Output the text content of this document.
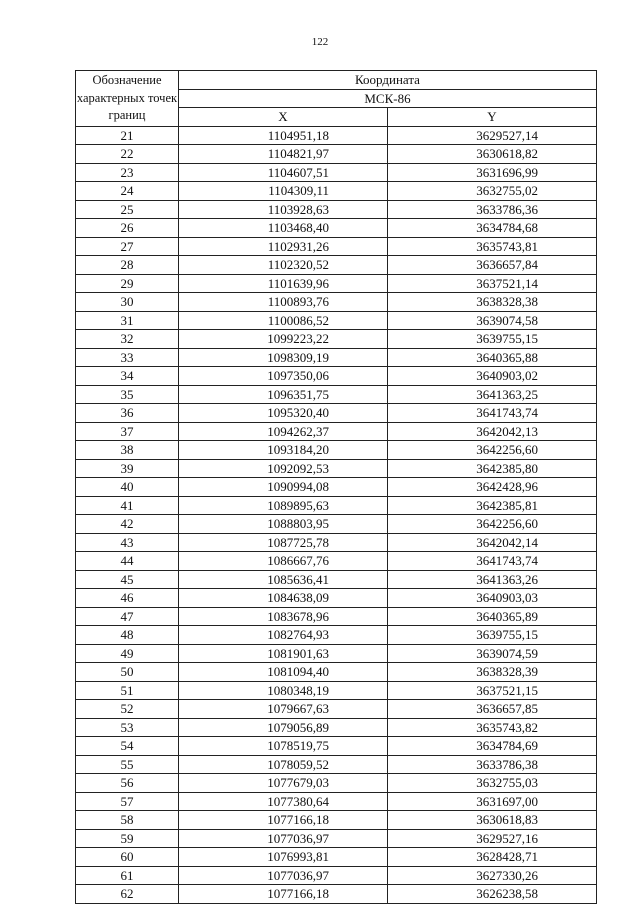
122
Обозначение характерных точек границ	Координата	
	МСК-86	
	X	Y
21	1104951,18	3629527,14
22	1104821,97	3630618,82
23	1104607,51	3631696,99
24	1104309,11	3632755,02
25	1103928,63	3633786,36
26	1103468,40	3634784,68
27	1102931,26	3635743,81
28	1102320,52	3636657,84
29	1101639,96	3637521,14
30	1100893,76	3638328,38
31	1100086,52	3639074,58
32	1099223,22	3639755,15
33	1098309,19	3640365,88
34	1097350,06	3640903,02
35	1096351,75	3641363,25
36	1095320,40	3641743,74
37	1094262,37	3642042,13
38	1093184,20	3642256,60
39	1092092,53	3642385,80
40	1090994,08	3642428,96
41	1089895,63	3642385,81
42	1088803,95	3642256,60
43	1087725,78	3642042,14
44	1086667,76	3641743,74
45	1085636,41	3641363,26
46	1084638,09	3640903,03
47	1083678,96	3640365,89
48	1082764,93	3639755,15
49	1081901,63	3639074,59
50	1081094,40	3638328,39
51	1080348,19	3637521,15
52	1079667,63	3636657,85
53	1079056,89	3635743,82
54	1078519,75	3634784,69
55	1078059,52	3633786,38
56	1077679,03	3632755,03
57	1077380,64	3631697,00
58	1077166,18	3630618,83
59	1077036,97	3629527,16
60	1076993,81	3628428,71
61	1077036,97	3627330,26
62	1077166,18	3626238,58
